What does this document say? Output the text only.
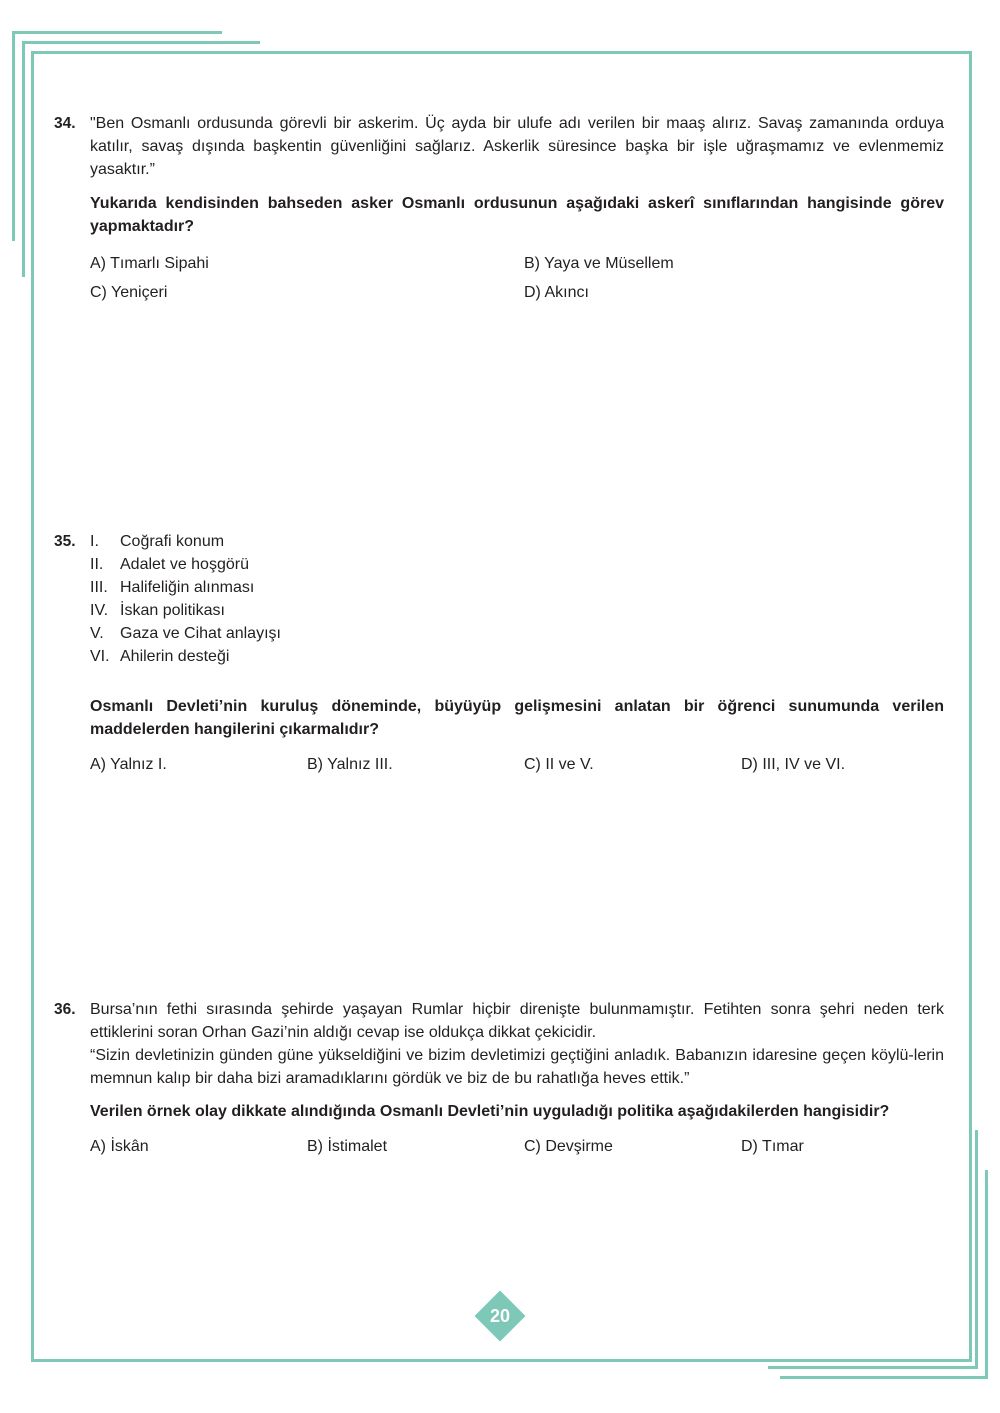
34. "Ben Osmanlı ordusunda görevli bir askerim. Üç ayda bir ulufe adı verilen bir maaş alırız. Savaş zamanında orduya katılır, savaş dışında başkentin güvenliğini sağlarız. Askerlik süresince başka bir işle uğraşmamız ve evlenmemiz yasaktır.”
Yukarıda kendisinden bahseden asker Osmanlı ordusunun aşağıdaki askerî sınıflarından hangisinde görev yapmaktadır?
A) Tımarlı Sipahi	B) Yaya ve Müsellem
C) Yeniçeri	D) Akıncı
35. I.	Coğrafi konum
II.	Adalet ve hoşgörü
III. Halifeliğin alınması
IV. İskan politikası
V.	Gaza ve Cihat anlayışı
VI. Ahilerin desteği
Osmanlı Devleti’nin kuruluş döneminde, büyüyüp gelişmesini anlatan bir öğrenci sunumunda verilen maddelerden hangilerini çıkarmalıdır?
A) Yalnız I.	B) Yalnız III.	C) II ve V.	D) III, IV ve VI.
36. Bursa’nın fethi sırasında şehirde yaşayan Rumlar hiçbir direnişte bulunmamıştır. Fetihten sonra şehri neden terk ettiklerini soran Orhan Gazi’nin aldığı cevap ise oldukça dikkat çekicidir.
“Sizin devletinizin günden güne yükseldiğini ve bizim devletimizi geçtiğini anladık. Babanızın idaresine geçen köylü-lerin memnun kalıp bir daha bizi aramadıklarını gördük ve biz de bu rahatlığa heves ettik.”
Verilen örnek olay dikkate alındığında Osmanlı Devleti’nin uyguladığı politika aşağıdakilerden hangisidir?
A) İskân	B) İstimalet	C) Devşirme	D) Tımar
20
